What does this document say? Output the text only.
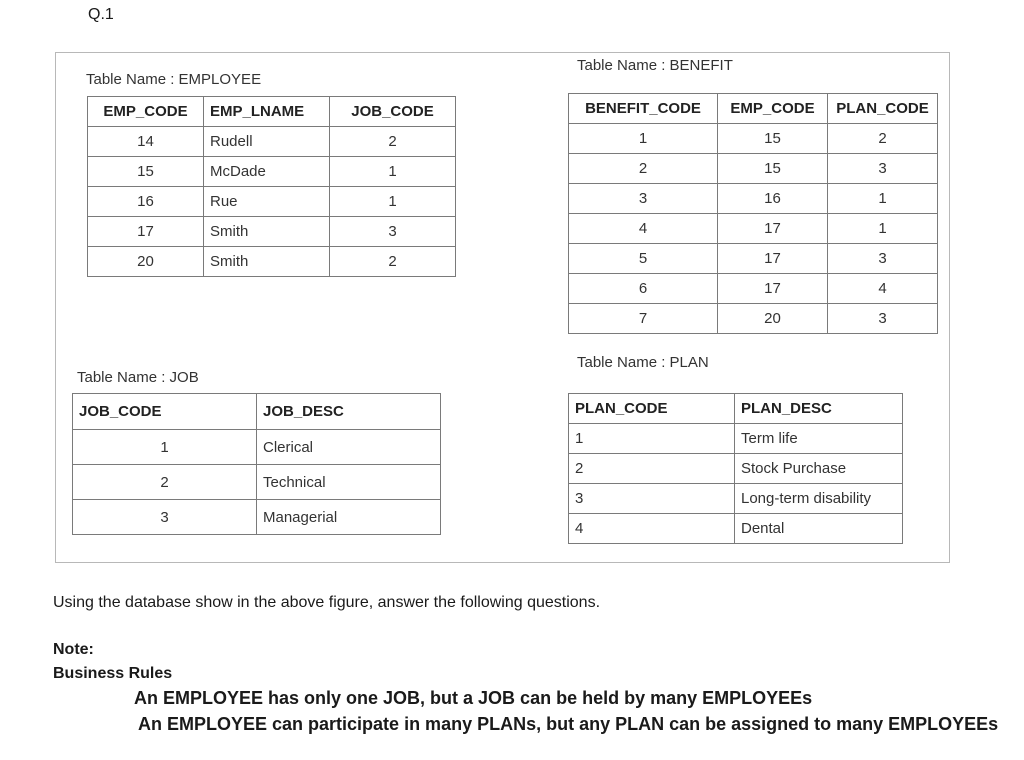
Q.1
Table Name : EMPLOYEE
EMP_CODE	EMP_LNAME	JOB_CODE
14	Rudell	2
15	McDade	1
16	Rue	1
17	Smith	3
20	Smith	2
Table Name : BENEFIT
BENEFIT_CODE	EMP_CODE	PLAN_CODE
1	15	2
2	15	3
3	16	1
4	17	1
5	17	3
6	17	4
7	20	3
Table Name : JOB
JOB_CODE	JOB_DESC
1	Clerical
2	Technical
3	Managerial
Table Name : PLAN
PLAN_CODE	PLAN_DESC
1	Term life
2	Stock Purchase
3	Long-term disability
4	Dental
Using the database show in the above figure, answer the following questions.
Note:
Business Rules
An EMPLOYEE has only one JOB, but a JOB can be held by many EMPLOYEEs
An EMPLOYEE can participate in many PLANs, but any PLAN can be assigned to many EMPLOYEEs
